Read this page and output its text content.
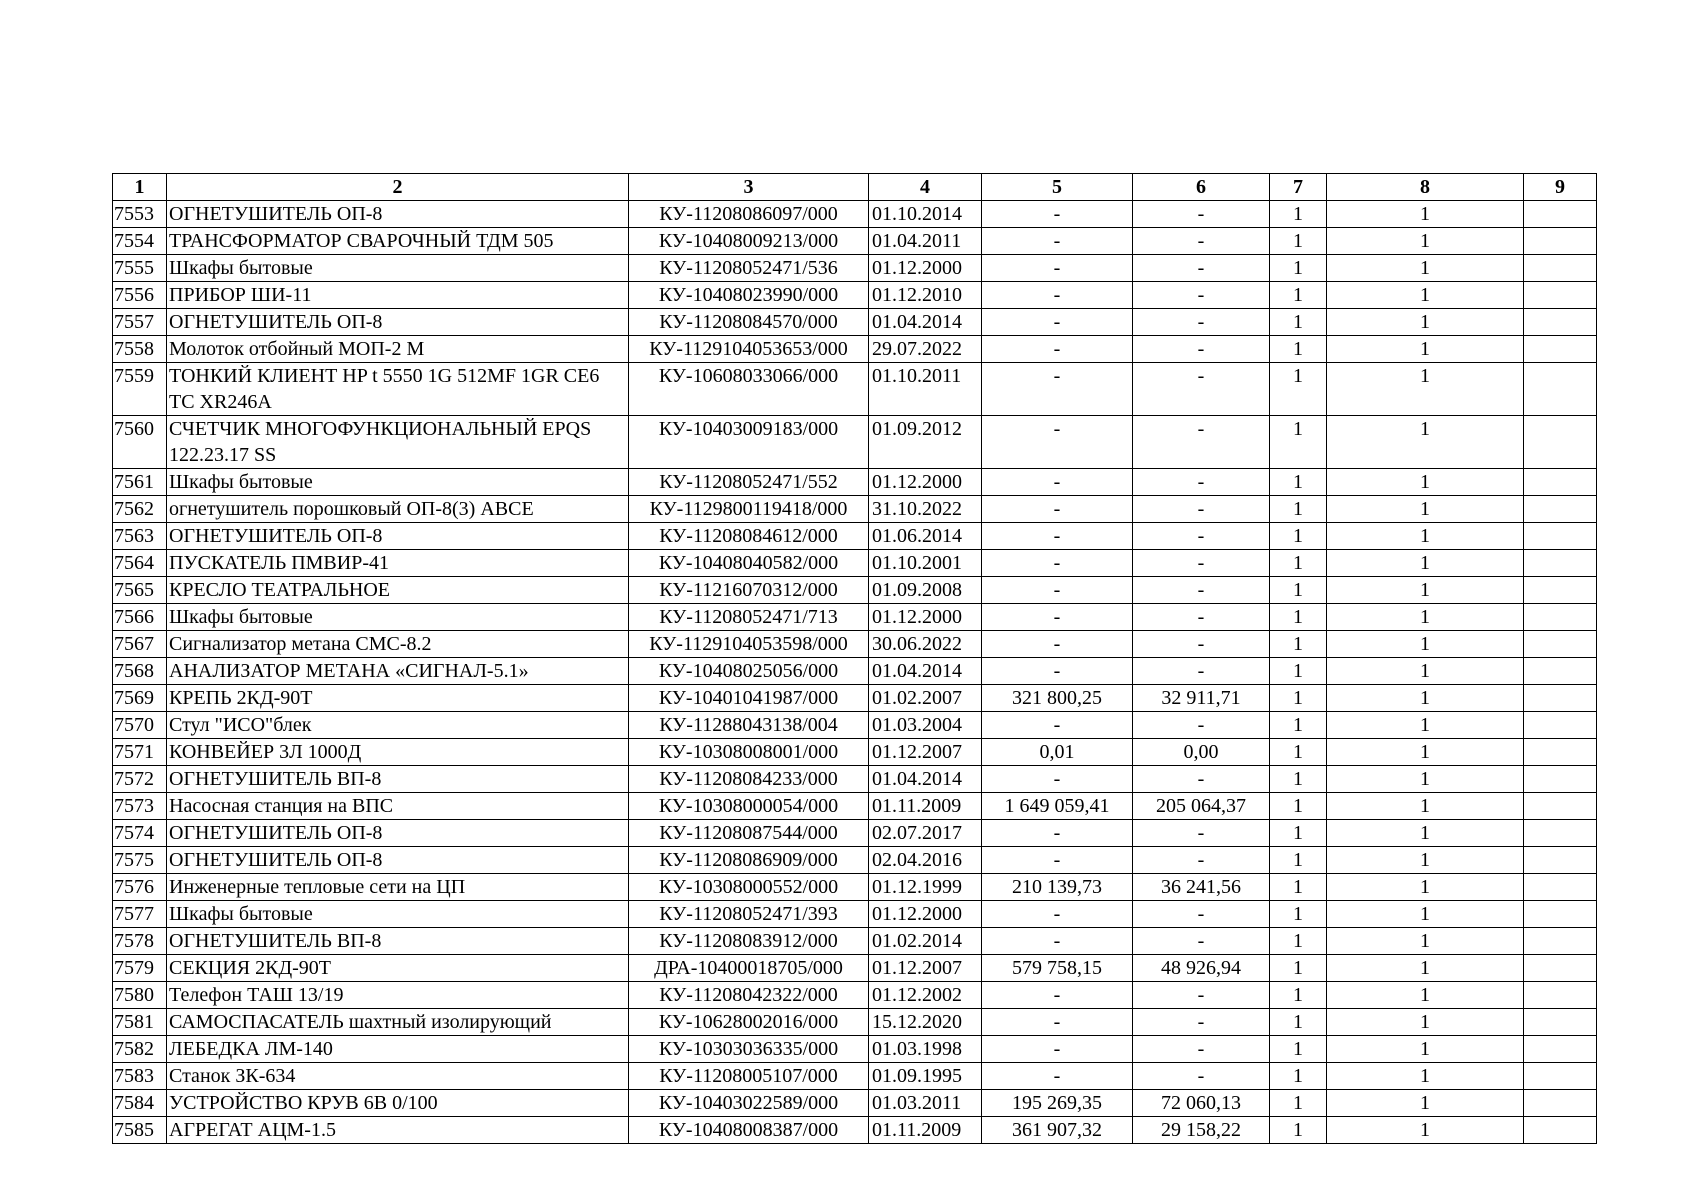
1	2	3	4	5	6	7	8	9
7553	ОГНЕТУШИТЕЛЬ ОП-8	КУ-11208086097/000	01.10.2014	-	-	1	1	
7554	ТРАНСФОРМАТОР СВАРОЧНЫЙ ТДМ 505	КУ-10408009213/000	01.04.2011	-	-	1	1	
7555	Шкафы бытовые	КУ-11208052471/536	01.12.2000	-	-	1	1	
7556	ПРИБОР ШИ-11	КУ-10408023990/000	01.12.2010	-	-	1	1	
7557	ОГНЕТУШИТЕЛЬ ОП-8	КУ-11208084570/000	01.04.2014	-	-	1	1	
7558	Молоток отбойный МОП-2 М	КУ-1129104053653/000	29.07.2022	-	-	1	1	
7559	ТОНКИЙ КЛИЕНТ HP t 5550 1G 512MF 1GR CE6 TC XR246A	КУ-10608033066/000	01.10.2011	-	-	1	1	
7560	СЧЕТЧИК МНОГОФУНКЦИОНАЛЬНЫЙ EPQS 122.23.17 SS	КУ-10403009183/000	01.09.2012	-	-	1	1	
7561	Шкафы бытовые	КУ-11208052471/552	01.12.2000	-	-	1	1	
7562	огнетушитель порошковый ОП-8(3) АВСЕ	КУ-1129800119418/000	31.10.2022	-	-	1	1	
7563	ОГНЕТУШИТЕЛЬ ОП-8	КУ-11208084612/000	01.06.2014	-	-	1	1	
7564	ПУСКАТЕЛЬ ПМВИР-41	КУ-10408040582/000	01.10.2001	-	-	1	1	
7565	КРЕСЛО ТЕАТРАЛЬНОЕ	КУ-11216070312/000	01.09.2008	-	-	1	1	
7566	Шкафы бытовые	КУ-11208052471/713	01.12.2000	-	-	1	1	
7567	Сигнализатор метана СМС-8.2	КУ-1129104053598/000	30.06.2022	-	-	1	1	
7568	АНАЛИЗАТОР МЕТАНА «СИГНАЛ-5.1»	КУ-10408025056/000	01.04.2014	-	-	1	1	
7569	КРЕПЬ 2КД-90Т	КУ-10401041987/000	01.02.2007	321 800,25	32 911,71	1	1	
7570	Стул "ИСО"блек	КУ-11288043138/004	01.03.2004	-	-	1	1	
7571	КОНВЕЙЕР 3Л 1000Д	КУ-10308008001/000	01.12.2007	0,01	0,00	1	1	
7572	ОГНЕТУШИТЕЛЬ ВП-8	КУ-11208084233/000	01.04.2014	-	-	1	1	
7573	Насосная станция на ВПС	КУ-10308000054/000	01.11.2009	1 649 059,41	205 064,37	1	1	
7574	ОГНЕТУШИТЕЛЬ ОП-8	КУ-11208087544/000	02.07.2017	-	-	1	1	
7575	ОГНЕТУШИТЕЛЬ ОП-8	КУ-11208086909/000	02.04.2016	-	-	1	1	
7576	Инженерные тепловые сети на ЦП	КУ-10308000552/000	01.12.1999	210 139,73	36 241,56	1	1	
7577	Шкафы бытовые	КУ-11208052471/393	01.12.2000	-	-	1	1	
7578	ОГНЕТУШИТЕЛЬ ВП-8	КУ-11208083912/000	01.02.2014	-	-	1	1	
7579	СЕКЦИЯ 2КД-90Т	ДРА-10400018705/000	01.12.2007	579 758,15	48 926,94	1	1	
7580	Телефон ТАШ 13/19	КУ-11208042322/000	01.12.2002	-	-	1	1	
7581	САМОСПАСАТЕЛЬ шахтный изолирующий	КУ-10628002016/000	15.12.2020	-	-	1	1	
7582	ЛЕБЕДКА ЛМ-140	КУ-10303036335/000	01.03.1998	-	-	1	1	
7583	Станок ЗК-634	КУ-11208005107/000	01.09.1995	-	-	1	1	
7584	УСТРОЙСТВО КРУВ 6В 0/100	КУ-10403022589/000	01.03.2011	195 269,35	72 060,13	1	1	
7585	АГРЕГАТ АЦМ-1.5	КУ-10408008387/000	01.11.2009	361 907,32	29 158,22	1	1	
